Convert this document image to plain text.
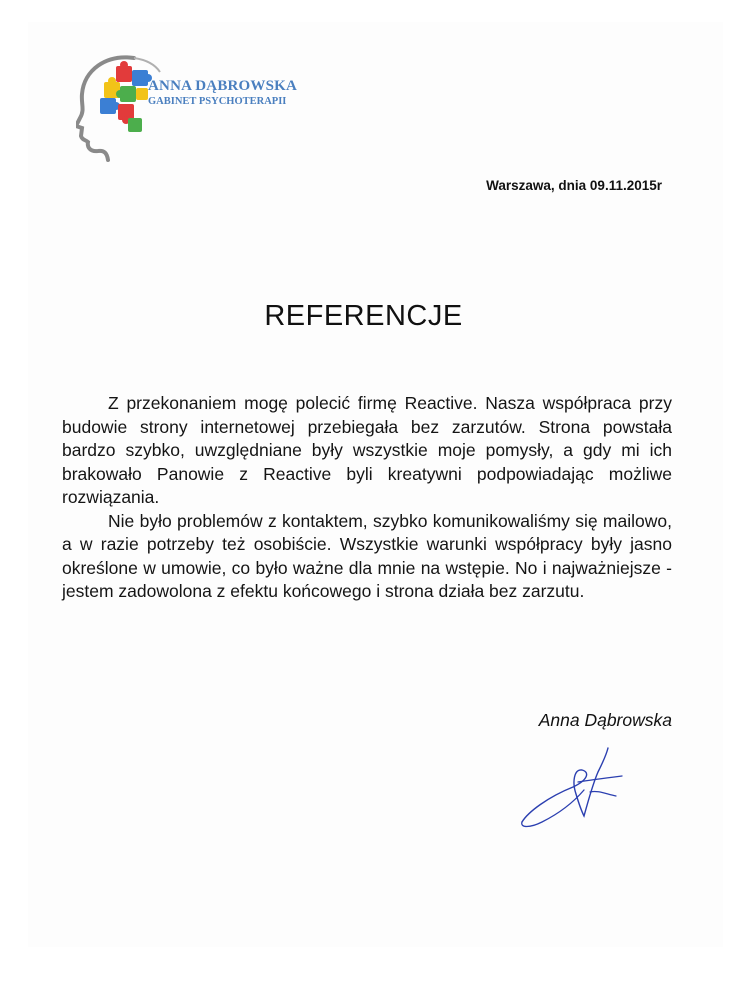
ANNA DĄBROWSKA
GABINET PSYCHOTERAPII
Warszawa, dnia 09.11.2015r
REFERENCJE

Z przekonaniem mogę polecić firmę Reactive. Nasza współpraca przy budowie strony internetowej przebiegała bez zarzutów. Strona powstała bardzo szybko, uwzględniane były wszystkie moje pomysły, a gdy mi ich brakowało Panowie z Reactive byli kreatywni podpowiadając możliwe rozwiązania.

Nie było problemów z kontaktem, szybko komunikowaliśmy się mailowo, a w razie potrzeby też osobiście. Wszystkie warunki współpracy były jasno określone w umowie, co było ważne dla mnie na wstępie. No i najważniejsze - jestem zadowolona z efektu końcowego i strona działa bez zarzutu.

Anna Dąbrowska
